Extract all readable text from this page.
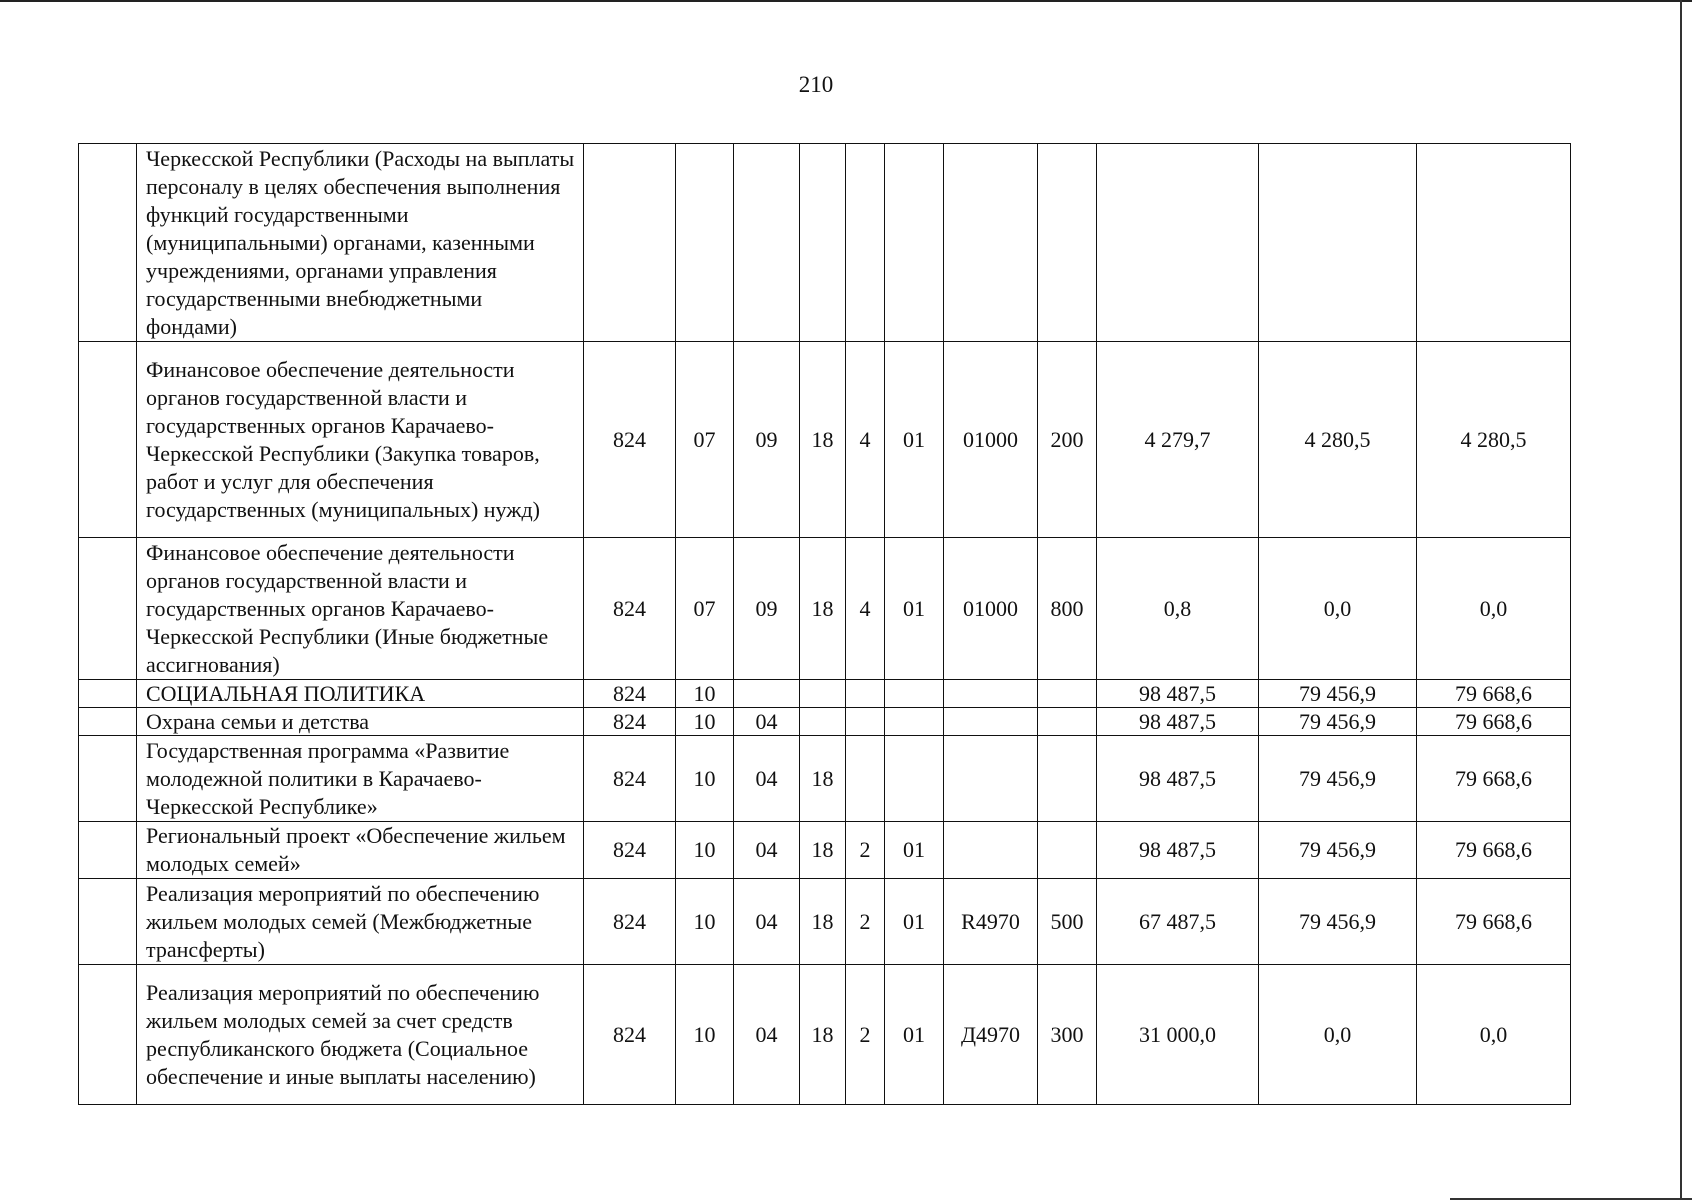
210
	Черкесской Республики (Расходы на выплаты персоналу в целях обеспечения выполнения функций государственными (муниципальными) органами, казенными учреждениями, органами управления государственными внебюджетными фондами)											
	Финансовое обеспечение деятельности органов государственной власти и государственных органов Карачаево-Черкесской Республики (Закупка товаров, работ и услуг для обеспечения государственных (муниципальных) нужд)	824	07	09	18	4	01	01000	200	4 279,7	4 280,5	4 280,5
	Финансовое обеспечение деятельности органов государственной власти и государственных органов Карачаево-Черкесской Республики (Иные бюджетные ассигнования)	824	07	09	18	4	01	01000	800	0,8	0,0	0,0
	СОЦИАЛЬНАЯ ПОЛИТИКА	824	10							98 487,5	79 456,9	79 668,6
	Охрана семьи и детства	824	10	04						98 487,5	79 456,9	79 668,6
	Государственная программа «Развитие молодежной политики в Карачаево-Черкесской Республике»	824	10	04	18					98 487,5	79 456,9	79 668,6
	Региональный проект «Обеспечение жильем молодых семей»	824	10	04	18	2	01			98 487,5	79 456,9	79 668,6
	Реализация мероприятий по обеспечению жильем молодых семей (Межбюджетные трансферты)	824	10	04	18	2	01	R4970	500	67 487,5	79 456,9	79 668,6
	Реализация мероприятий по обеспечению жильем молодых семей за счет средств республиканского бюджета (Социальное обеспечение и иные выплаты населению)	824	10	04	18	2	01	Д4970	300	31 000,0	0,0	0,0
